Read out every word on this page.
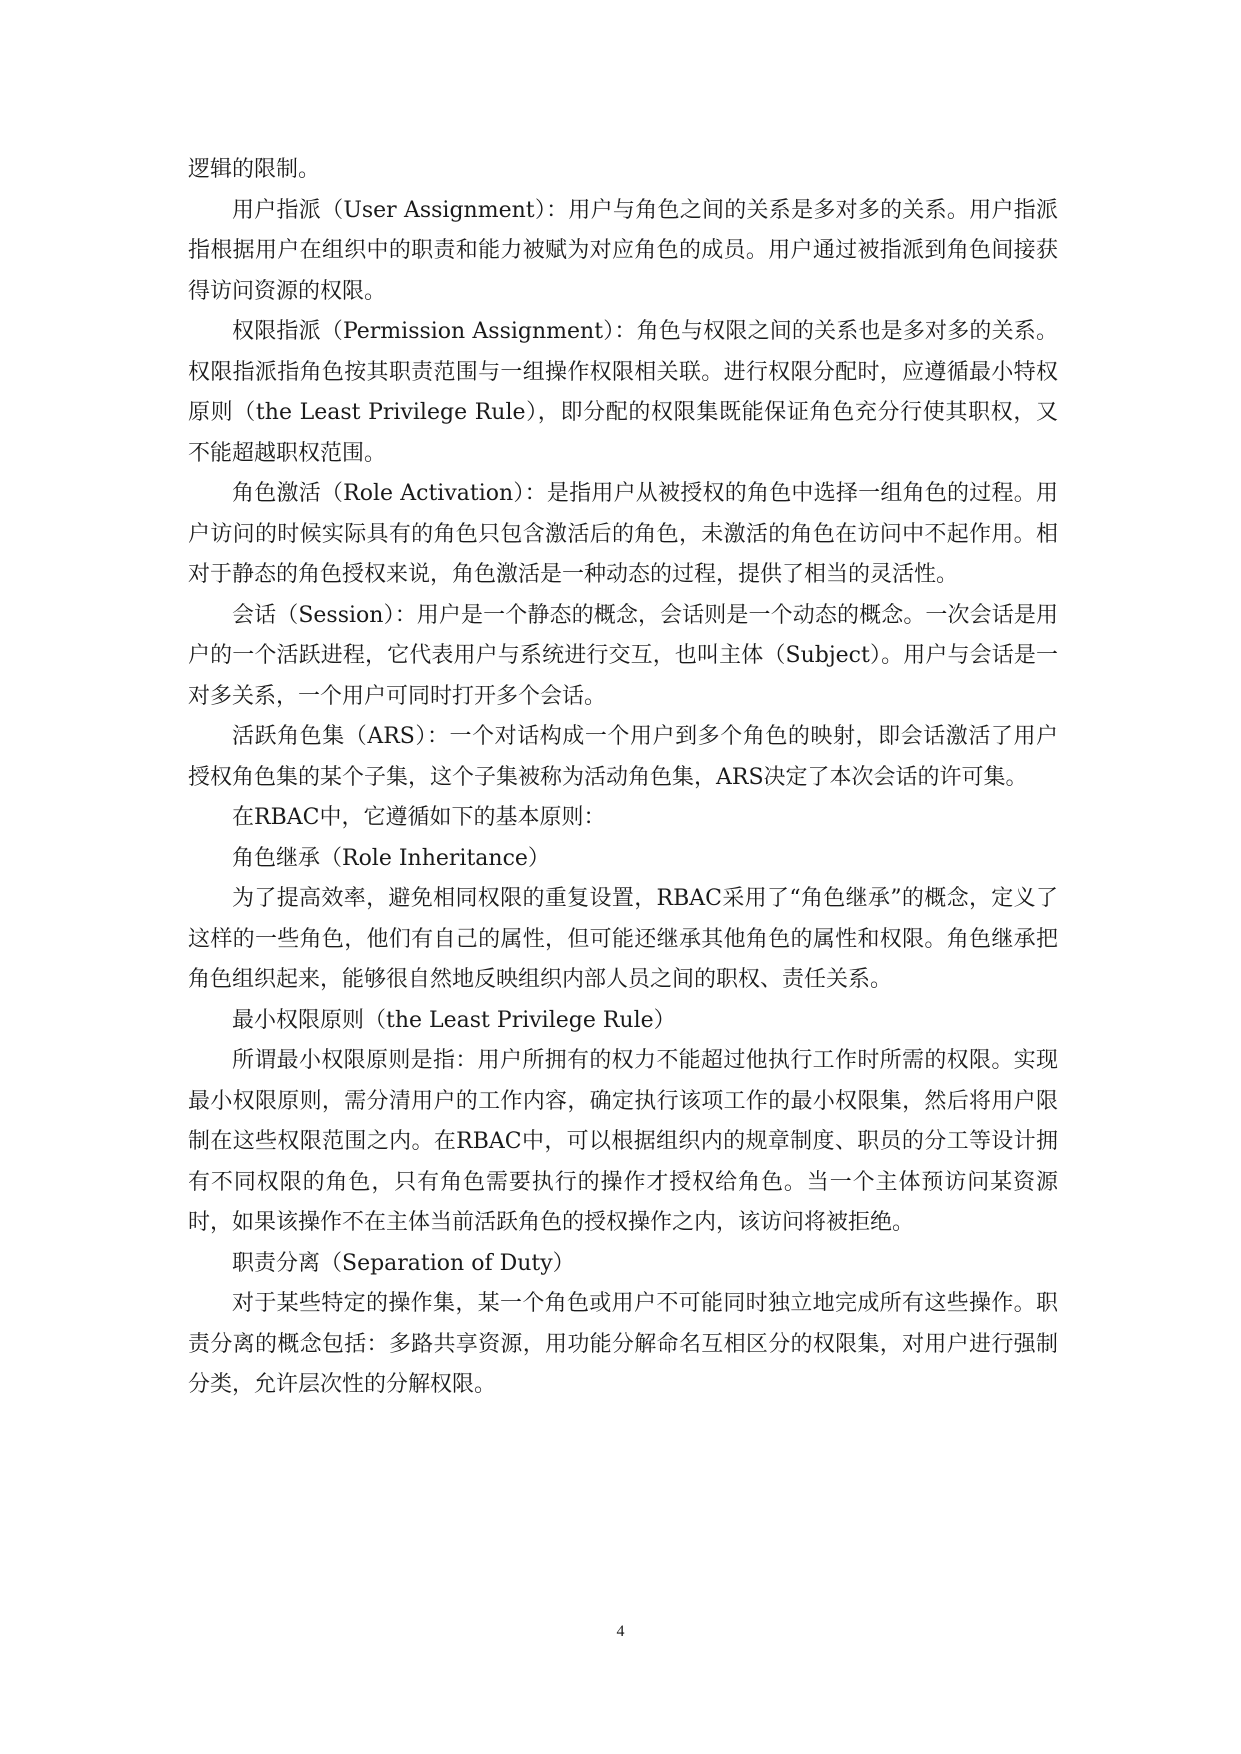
逻辑的限制。

用户指派（User Assignment）：用户与角色之间的关系是多对多的关系。用户指派指根据用户在组织中的职责和能力被赋为对应角色的成员。用户通过被指派到角色间接获得访问资源的权限。

权限指派（Permission Assignment）：角色与权限之间的关系也是多对多的关系。权限指派指角色按其职责范围与一组操作权限相关联。进行权限分配时，应遵循最小特权原则（the Least Privilege Rule），即分配的权限集既能保证角色充分行使其职权，又不能超越职权范围。

角色激活（Role Activation）：是指用户从被授权的角色中选择一组角色的过程。用户访问的时候实际具有的角色只包含激活后的角色，未激活的角色在访问中不起作用。相对于静态的角色授权来说，角色激活是一种动态的过程，提供了相当的灵活性。

会话（Session）：用户是一个静态的概念，会话则是一个动态的概念。一次会话是用户的一个活跃进程，它代表用户与系统进行交互，也叫主体（Subject）。用户与会话是一对多关系，一个用户可同时打开多个会话。

活跃角色集（ARS）：一个对话构成一个用户到多个角色的映射，即会话激活了用户授权角色集的某个子集，这个子集被称为活动角色集，ARS决定了本次会话的许可集。

在RBAC中，它遵循如下的基本原则：

角色继承（Role Inheritance）

为了提高效率，避免相同权限的重复设置，RBAC采用了“角色继承”的概念，定义了这样的一些角色，他们有自己的属性，但可能还继承其他角色的属性和权限。角色继承把角色组织起来，能够很自然地反映组织内部人员之间的职权、责任关系。

最小权限原则（the Least Privilege Rule）

所谓最小权限原则是指：用户所拥有的权力不能超过他执行工作时所需的权限。实现最小权限原则，需分清用户的工作内容，确定执行该项工作的最小权限集，然后将用户限制在这些权限范围之内。在RBAC中，可以根据组织内的规章制度、职员的分工等设计拥有不同权限的角色，只有角色需要执行的操作才授权给角色。当一个主体预访问某资源时，如果该操作不在主体当前活跃角色的授权操作之内，该访问将被拒绝。

职责分离（Separation of Duty）

对于某些特定的操作集，某一个角色或用户不可能同时独立地完成所有这些操作。职责分离的概念包括：多路共享资源，用功能分解命名互相区分的权限集，对用户进行强制分类，允许层次性的分解权限。

4
